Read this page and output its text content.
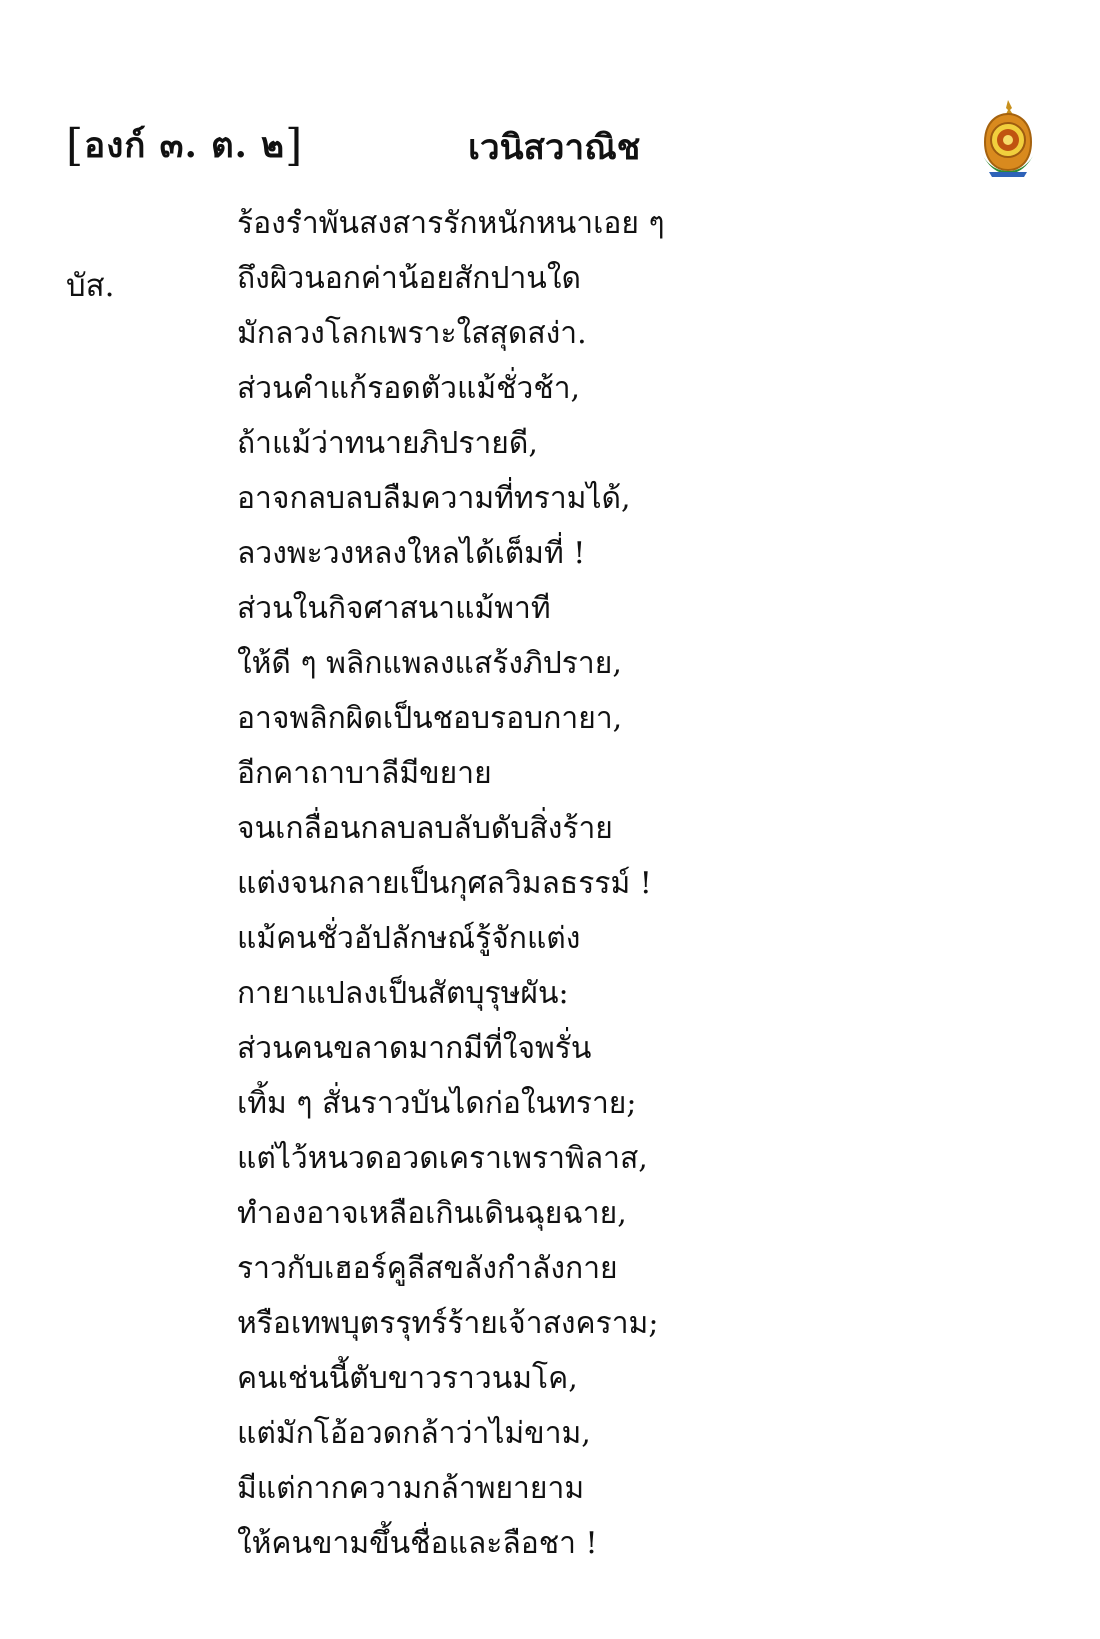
[องก์ ๓. ต. ๒]	เวนิสวาณิช
บัส.
ร้องรำพันสงสารรักหนักหนาเอย ๆ
ถึงผิวนอกค่าน้อยสักปานใด
มักลวงโลกเพราะใสสุดสง่า.
ส่วนคำแก้รอดตัวแม้ชั่วช้า,
ถ้าแม้ว่าทนายภิปรายดี,
อาจกลบลบลืมความที่ทรามได้,
ลวงพะวงหลงใหลได้เต็มที่ !
ส่วนในกิจศาสนาแม้พาที
ให้ดี ๆ พลิกแพลงแสร้งภิปราย,
อาจพลิกผิดเป็นชอบรอบกายา,
อีกคาถาบาลีมีขยาย
จนเกลื่อนกลบลบลับดับสิ่งร้าย
แต่งจนกลายเป็นกุศลวิมลธรรม์ !
แม้คนชั่วอัปลักษณ์รู้จักแต่ง
กายาแปลงเป็นสัตบุรุษผัน:
ส่วนคนขลาดมากมีที่ใจพรั่น
เทิ้ม ๆ สั่นราวบันไดก่อในทราย;
แต่ไว้หนวดอวดเคราเพราพิลาส,
ทำองอาจเหลือเกินเดินฉุยฉาย,
ราวกับเฮอร์คูลีสขลังกำลังกาย
หรือเทพบุตรรุทร์ร้ายเจ้าสงคราม;
คนเช่นนี้ตับขาวราวนมโค,
แต่มักโอ้อวดกล้าว่าไม่ขาม,
มีแต่กากความกล้าพยายาม
ให้คนขามขึ้นชื่อและลือชา !
